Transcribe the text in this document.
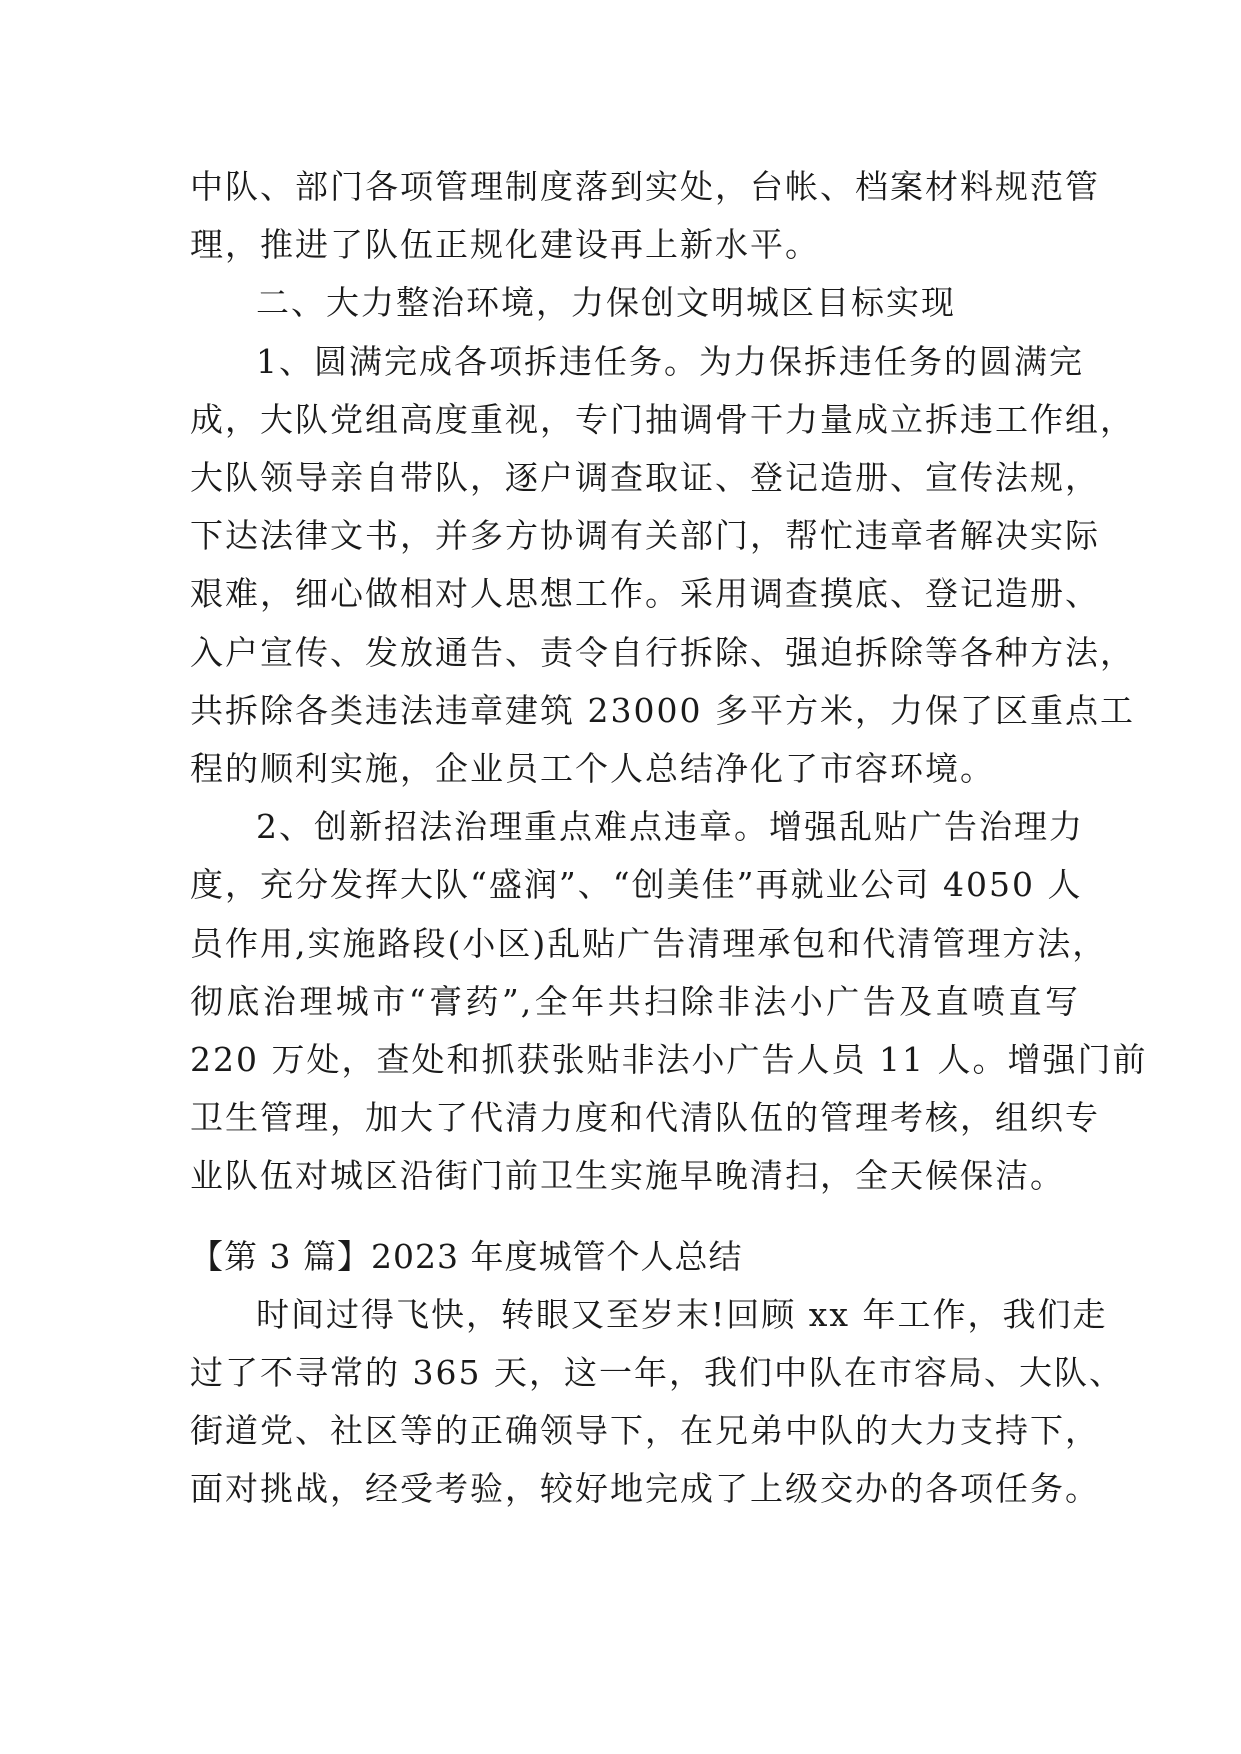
中队、部门各项管理制度落到实处，台帐、档案材料规范管
理，推进了队伍正规化建设再上新水平。

二、大力整治环境，力保创文明城区目标实现

1、圆满完成各项拆违任务。为力保拆违任务的圆满完
成，大队党组高度重视，专门抽调骨干力量成立拆违工作组，
大队领导亲自带队，逐户调查取证、登记造册、宣传法规，
下达法律文书，并多方协调有关部门，帮忙违章者解决实际
艰难，细心做相对人思想工作。采用调查摸底、登记造册、
入户宣传、发放通告、责令自行拆除、强迫拆除等各种方法，
共拆除各类违法违章建筑 23000 多平方米，力保了区重点工
程的顺利实施，企业员工个人总结净化了市容环境。

2、创新招法治理重点难点违章。增强乱贴广告治理力
度，充分发挥大队“盛润”、“创美佳”再就业公司 4050 人
员作用,实施路段(小区)乱贴广告清理承包和代清管理方法，
彻底治理城市“膏药”,全年共扫除非法小广告及直喷直写
220 万处，查处和抓获张贴非法小广告人员 11 人。增强门前
卫生管理，加大了代清力度和代清队伍的管理考核，组织专
业队伍对城区沿街门前卫生实施早晚清扫，全天候保洁。

【第 3 篇】2023 年度城管个人总结

时间过得飞快，转眼又至岁末!回顾 xx 年工作，我们走
过了不寻常的 365 天，这一年，我们中队在市容局、大队、
街道党、社区等的正确领导下，在兄弟中队的大力支持下，
面对挑战，经受考验，较好地完成了上级交办的各项任务。
